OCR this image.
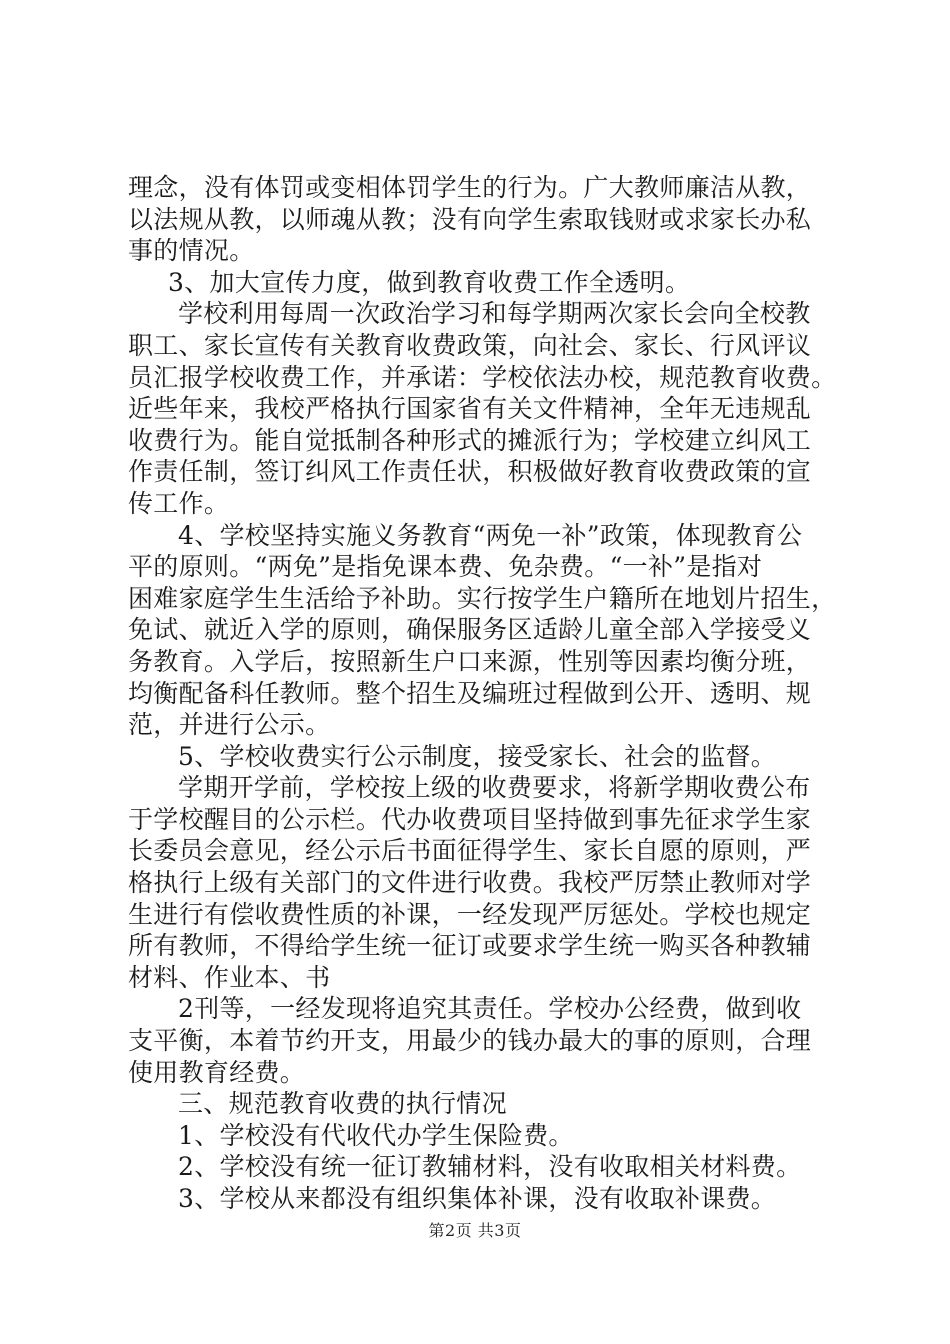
理念，没有体罚或变相体罚学生的行为。广大教师廉洁从教，
以法规从教，以师魂从教；没有向学生索取钱财或求家长办私
事的情况。
3、加大宣传力度，做到教育收费工作全透明。
学校利用每周一次政治学习和每学期两次家长会向全校教
职工、家长宣传有关教育收费政策，向社会、家长、行风评议
员汇报学校收费工作，并承诺：学校依法办校，规范教育收费。
近些年来，我校严格执行国家省有关文件精神，全年无违规乱
收费行为。能自觉抵制各种形式的摊派行为；学校建立纠风工
作责任制，签订纠风工作责任状，积极做好教育收费政策的宣
传工作。
4、学校坚持实施义务教育“两免一补”政策，体现教育公
平的原则。“两免”是指免课本费、免杂费。“一补”是指对
困难家庭学生生活给予补助。实行按学生户籍所在地划片招生，
免试、就近入学的原则，确保服务区适龄儿童全部入学接受义
务教育。入学后，按照新生户口来源，性别等因素均衡分班，
均衡配备科任教师。整个招生及编班过程做到公开、透明、规
范，并进行公示。
5、学校收费实行公示制度，接受家长、社会的监督。
学期开学前，学校按上级的收费要求，将新学期收费公布
于学校醒目的公示栏。代办收费项目坚持做到事先征求学生家
长委员会意见，经公示后书面征得学生、家长自愿的原则，严
格执行上级有关部门的文件进行收费。我校严厉禁止教师对学
生进行有偿收费性质的补课，一经发现严厉惩处。学校也规定
所有教师，不得给学生统一征订或要求学生统一购买各种教辅
材料、作业本、书
2刊等，一经发现将追究其责任。学校办公经费，做到收
支平衡，本着节约开支，用最少的钱办最大的事的原则，合理
使用教育经费。
三、规范教育收费的执行情况
1、学校没有代收代办学生保险费。
2、学校没有统一征订教辅材料，没有收取相关材料费。
3、学校从来都没有组织集体补课，没有收取补课费。
第2页 共3页
